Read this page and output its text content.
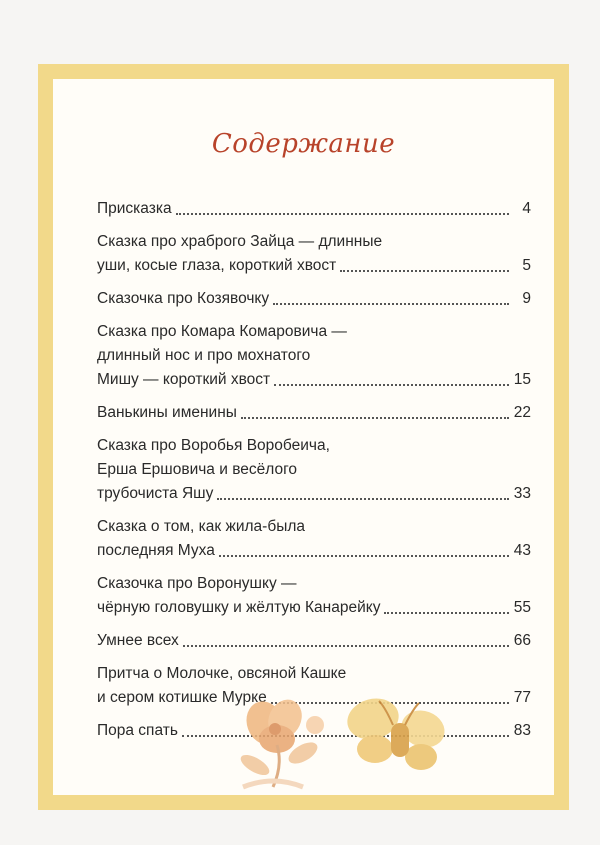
Содержание
Присказка	4
Сказка про храброго Зайца — длинные
уши, косые глаза, короткий хвост	5
Сказочка про Козявочку	9
Сказка про Комара Комаровича —
длинный нос и про мохнатого
Мишу — короткий хвост	15
Ванькины именины	22
Сказка про Воробья Воробеича,
Ерша Ершовича и весёлого
трубочиста Яшу	33
Сказка о том, как жила-была
последняя Муха	43
Сказочка про Воронушку —
чёрную головушку и жёлтую Канарейку	55
Умнее всех	66
Притча о Молочке, овсяной Кашке
и сером котишке Мурке	77
Пора спать	83
